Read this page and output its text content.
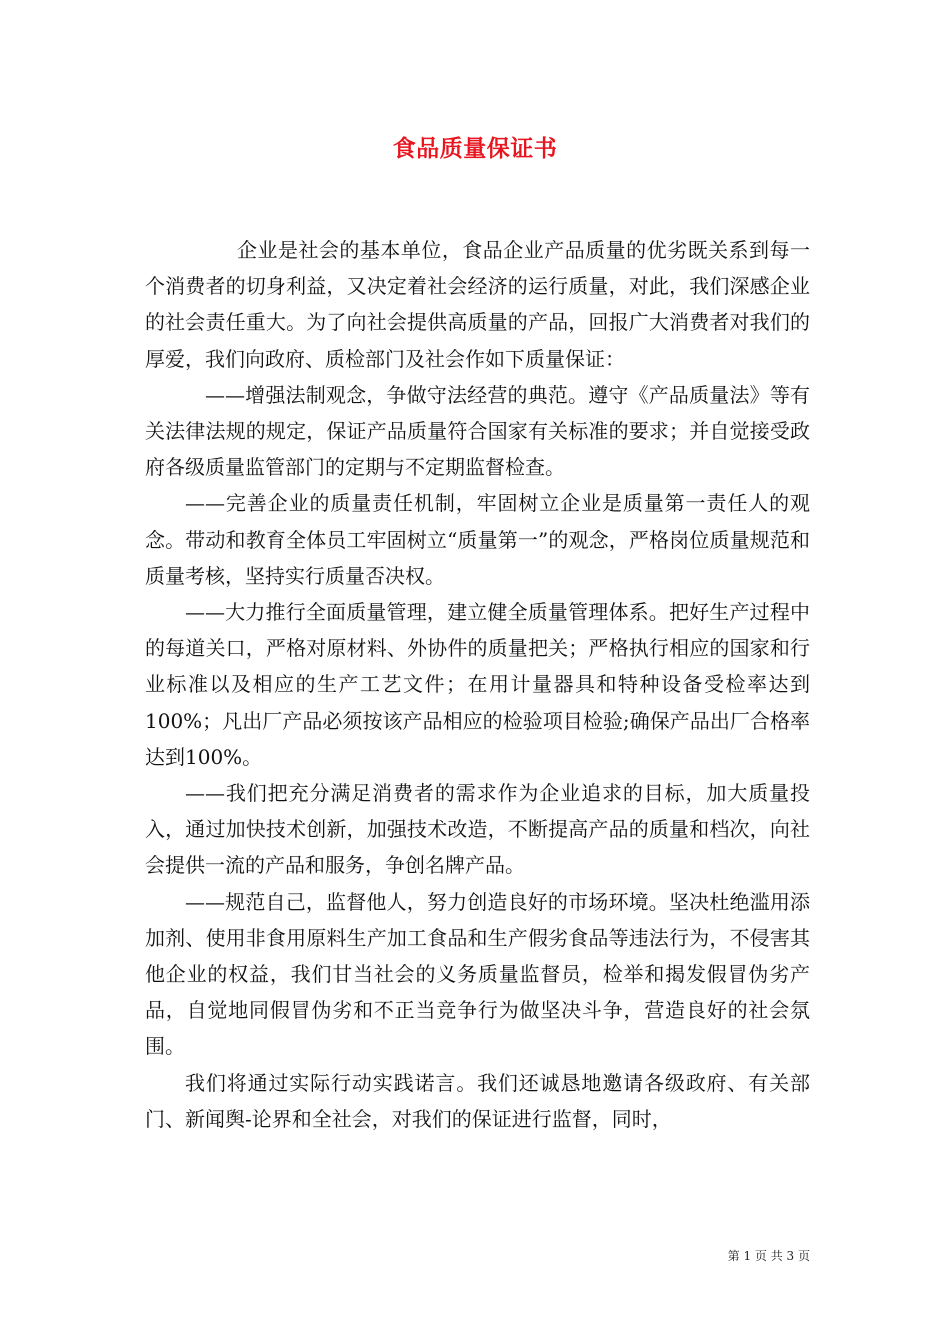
食品质量保证书

企业是社会的基本单位，食品企业产品质量的优劣既关系到每一个消费者的切身利益，又决定着社会经济的运行质量，对此，我们深感企业的社会责任重大。为了向社会提供高质量的产品，回报广大消费者对我们的厚爱，我们向政府、质检部门及社会作如下质量保证：

——增强法制观念，争做守法经营的典范。遵守《产品质量法》等有关法律法规的规定，保证产品质量符合国家有关标准的要求；并自觉接受政府各级质量监管部门的定期与不定期监督检查。

——完善企业的质量责任机制，牢固树立企业是质量第一责任人的观念。带动和教育全体员工牢固树立“质量第一”的观念，严格岗位质量规范和质量考核，坚持实行质量否决权。

——大力推行全面质量管理，建立健全质量管理体系。把好生产过程中的每道关口，严格对原材料、外协件的质量把关；严格执行相应的国家和行业标准以及相应的生产工艺文件；在用计量器具和特种设备受检率达到100%；凡出厂产品必须按该产品相应的检验项目检验;确保产品出厂合格率达到100%。

——我们把充分满足消费者的需求作为企业追求的目标，加大质量投入，通过加快技术创新，加强技术改造，不断提高产品的质量和档次，向社会提供一流的产品和服务，争创名牌产品。

——规范自己，监督他人，努力创造良好的市场环境。坚决杜绝滥用添加剂、使用非食用原料生产加工食品和生产假劣食品等违法行为，不侵害其他企业的权益，我们甘当社会的义务质量监督员，检举和揭发假冒伪劣产品，自觉地同假冒伪劣和不正当竞争行为做坚决斗争，营造良好的社会氛围。

我们将通过实际行动实践诺言。我们还诚恳地邀请各级政府、有关部门、新闻舆-论界和全社会，对我们的保证进行监督，同时，

第 1 页 共 3 页
